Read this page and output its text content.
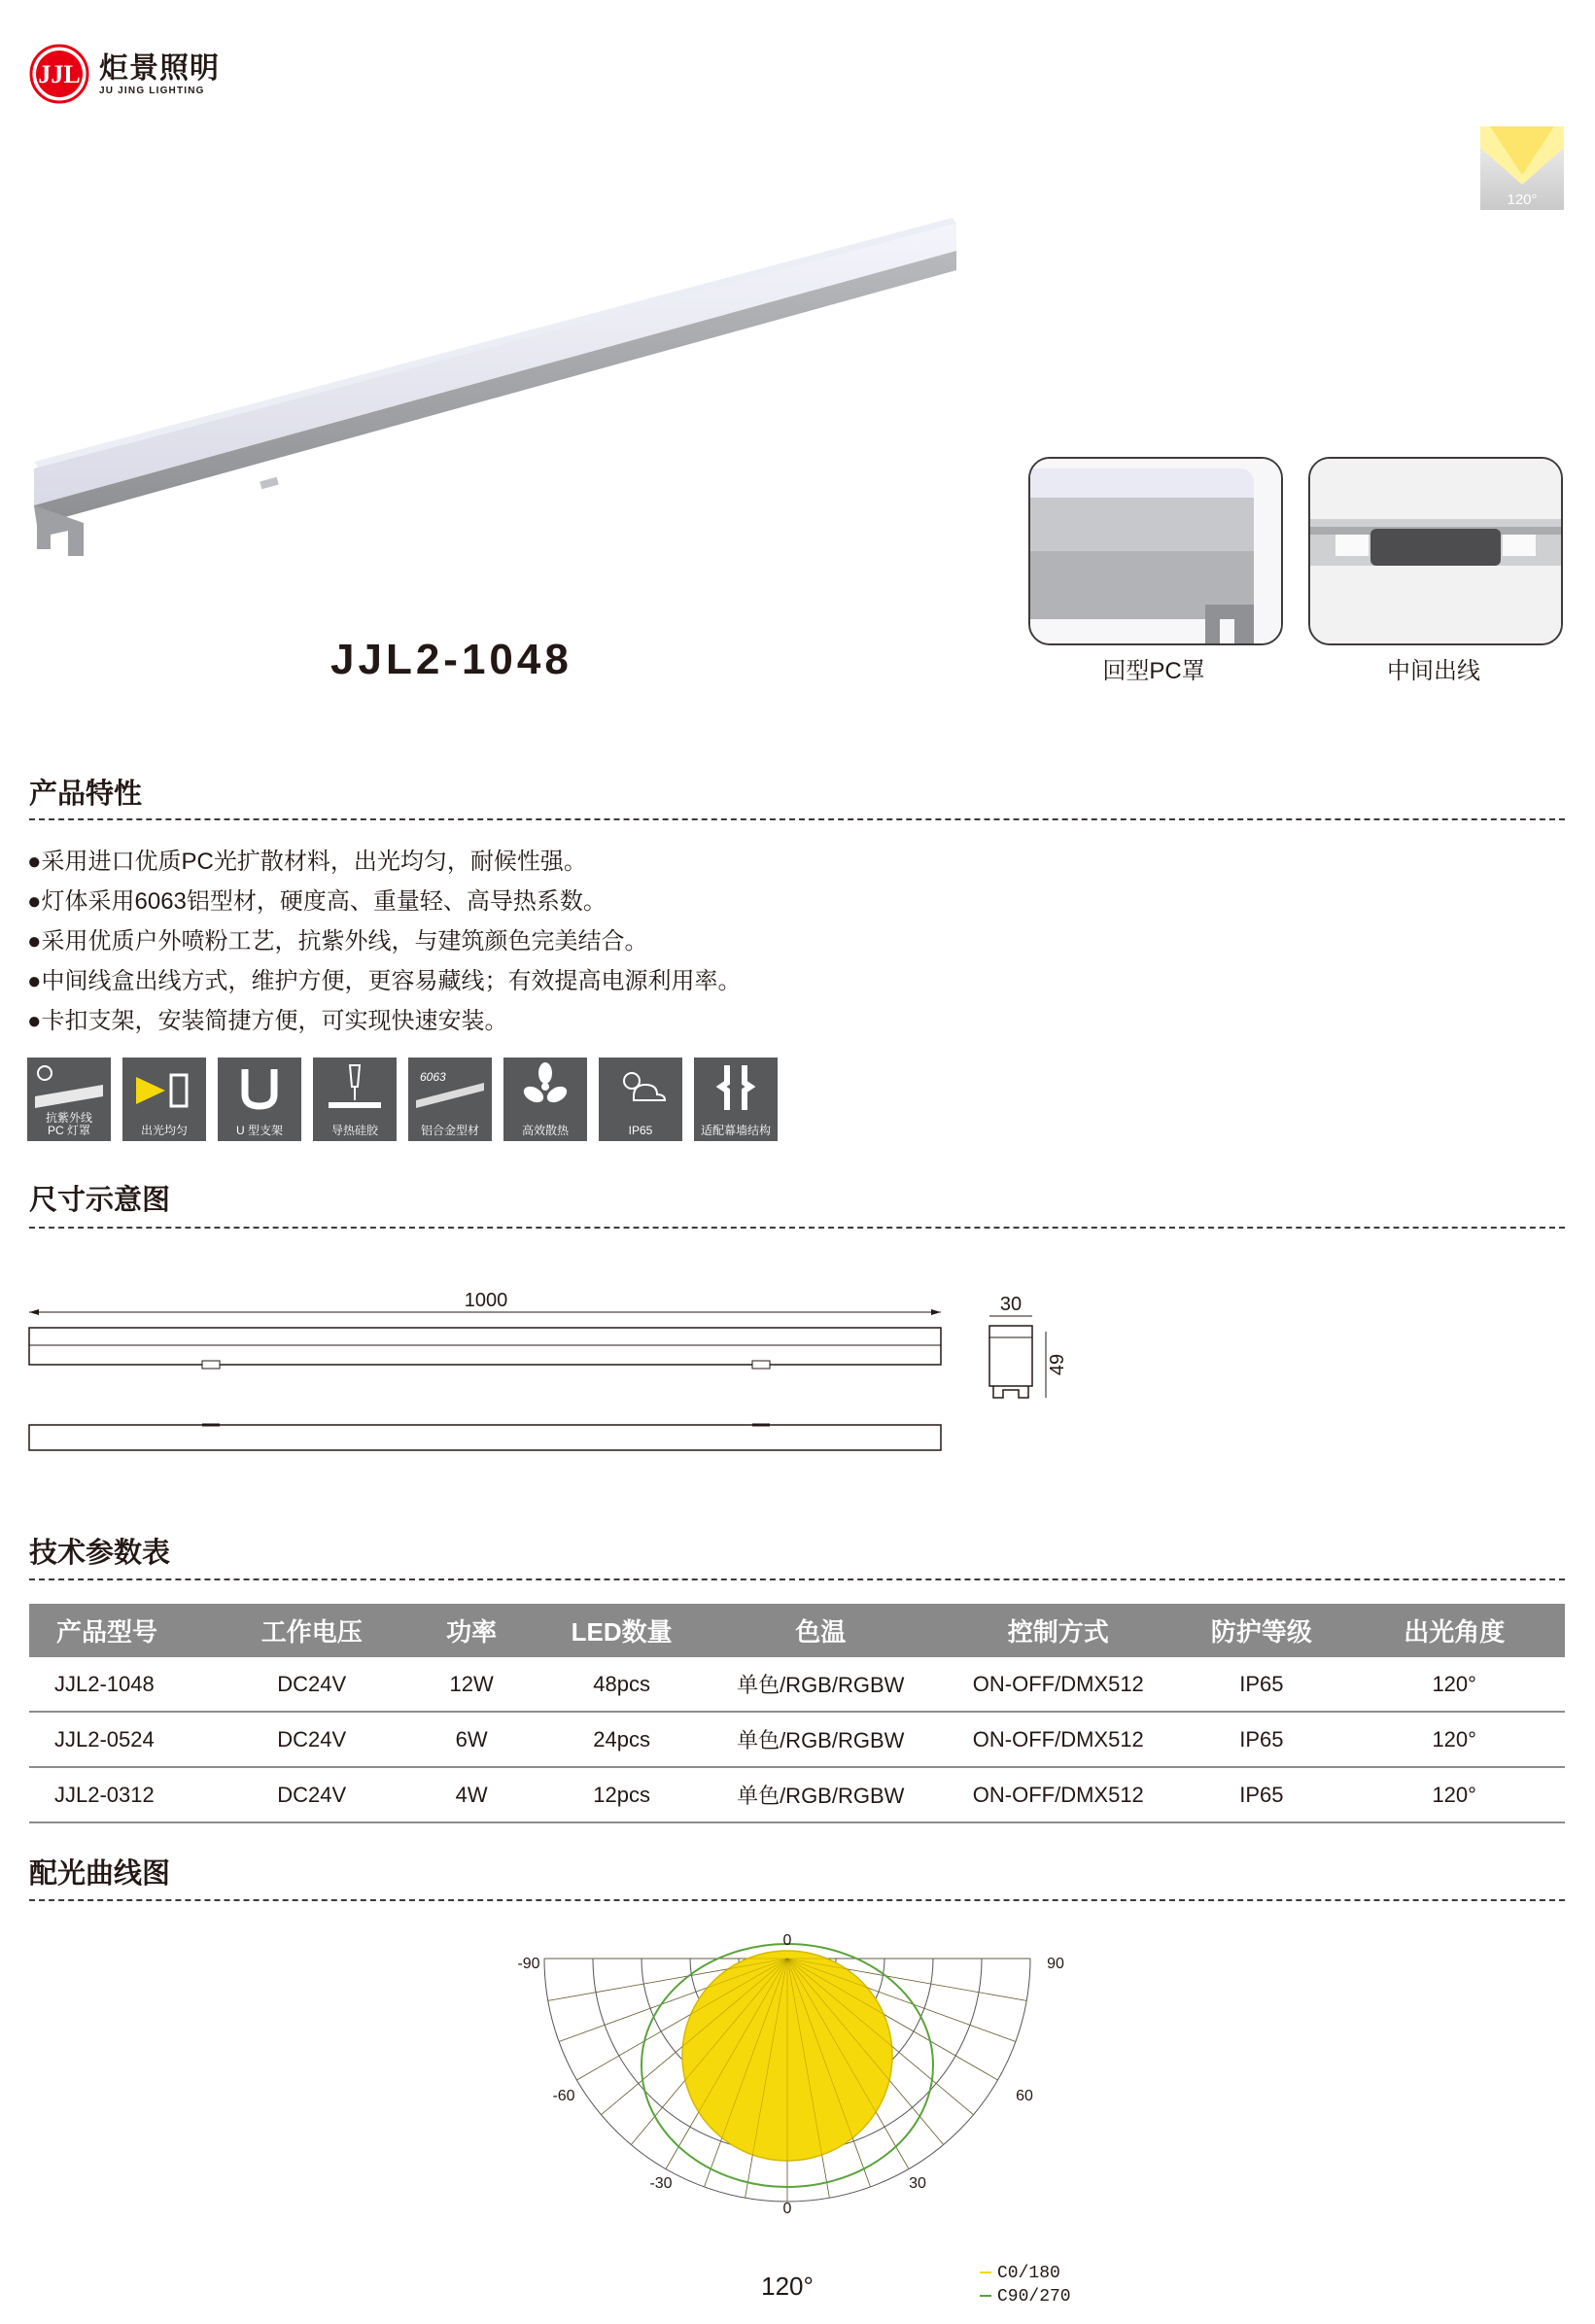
JJL 炬景照明
JU JING LIGHTING
120°
JJL2-1048	回型PC罩	中间出线
产品特性
●采用进口优质PC光扩散材料，出光均匀，耐候性强。
●灯体采用6063铝型材，硬度高、重量轻、高导热系数。
●采用优质户外喷粉工艺，抗紫外线，与建筑颜色完美结合。
●中间线盒出线方式，维护方便，更容易藏线；有效提高电源利用率。
●卡扣支架，安装简捷方便，可实现快速安装。
抗紫外线
PC 灯罩	出光均匀	U 型支架	导热硅胶
6063
铝合金型材	高效散热	IP65	适配幕墙结构
尺寸示意图
1000	30
49
技术参数表
产品型号	工作电压	功率	LED数量	色温	控制方式	防护等级	出光角度
JJL2-1048	DC24V	12W	48pcs	单色/RGB/RGBW	ON-OFF/DMX512	IP65	120°
JJL2-0524	DC24V	6W	24pcs	单色/RGB/RGBW	ON-OFF/DMX512	IP65	120°
JJL2-0312	DC24V	4W	12pcs	单色/RGB/RGBW	ON-OFF/DMX512	IP65	120°
配光曲线图
0
0
-90	90
-60	60
-30	30
120°	C0/180
C90/270
